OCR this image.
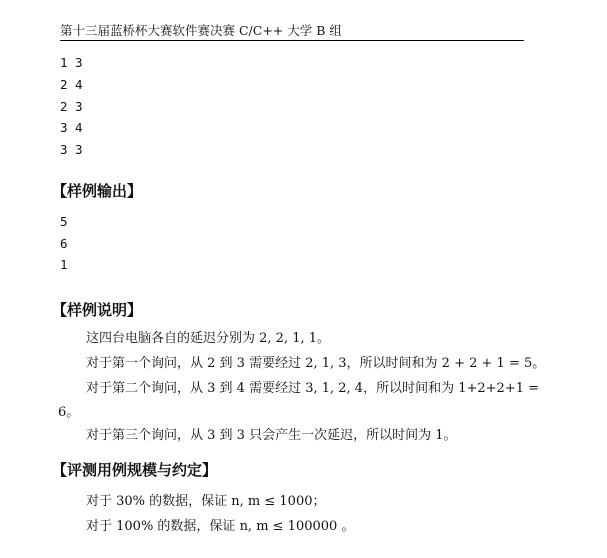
第十三届蓝桥杯大赛软件赛决赛 C/C++ 大学 B 组
1 3
2 4
2 3
3 4
3 3
【样例输出】
5
6
1
【样例说明】
这四台电脑各自的延迟分别为 2, 2, 1, 1。
对于第一个询问，从 2 到 3 需要经过 2, 1, 3，所以时间和为 2 + 2 + 1 = 5。
对于第二个询问，从 3 到 4 需要经过 3, 1, 2, 4，所以时间和为 1+2+2+1 =
6。
对于第三个询问，从 3 到 3 只会产生一次延迟，所以时间为 1。
【评测用例规模与约定】
对于 30% 的数据，保证 n, m ≤ 1000；
对于 100% 的数据，保证 n, m ≤ 100000 。
